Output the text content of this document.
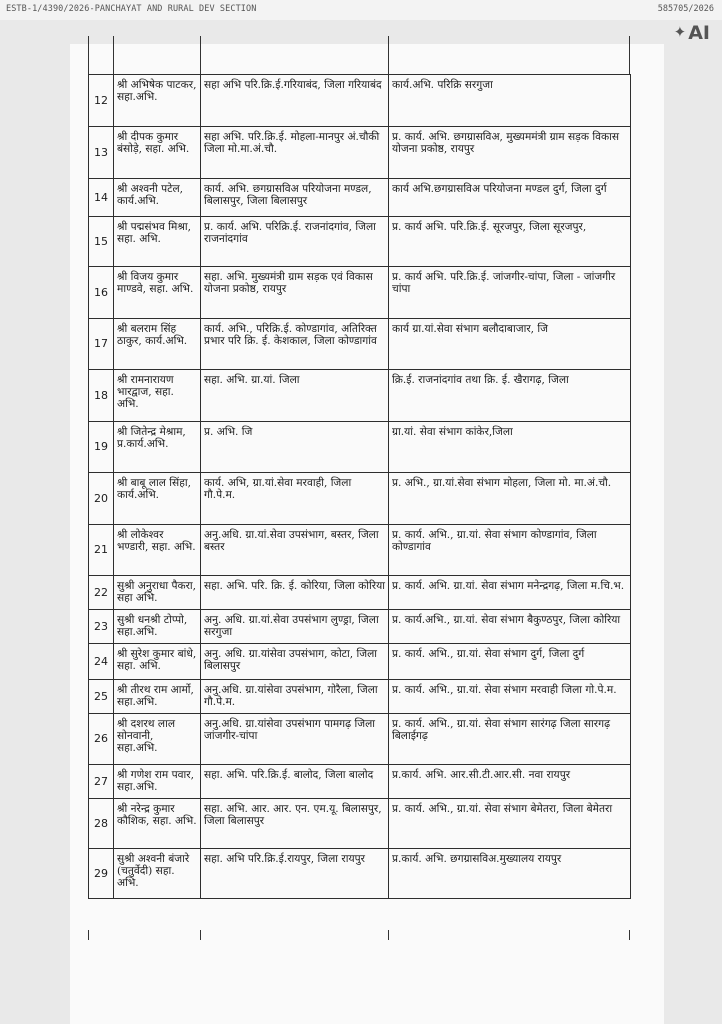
ESTB-1/4390/2026-PANCHAYAT AND RURAL DEV SECTION	585705/2026
✦ AI
12	श्री अभिषेक पाटकर, सहा.अभि.	सहा अभि परि.क्रि.ई.गरियाबंद, जिला गरियाबंद	कार्य.अभि. परिक्रि सरगुजा
13	श्री दीपक कुमार बंसोड़े, सहा. अभि.	सहा अभि. परि.क्रि.ई. मोहला-मानपुर अं.चौकी जिला मो.मा.अं.चौ.	प्र. कार्य. अभि. छगग्रासविअ, मुख्यममंत्री ग्राम सड़क विकास योजना प्रकोष्ठ, रायपुर
14	श्री अश्वनी पटेल, कार्य.अभि.	कार्य. अभि. छगग्रासविअ परियोजना मण्डल, बिलासपुर, जिला बिलासपुर	कार्य अभि.छगग्रासविअ परियोजना मण्डल दुर्ग, जिला दुर्ग
15	श्री पद्मसंभव मिश्रा, सहा. अभि.	प्र. कार्य. अभि. परिक्रि.ई. राजनांदगांव, जिला राजनांदगांव	प्र. कार्य अभि. परि.क्रि.ई. सूरजपुर, जिला सूरजपुर,
16	श्री विजय कुमार माण्डवे, सहा. अभि.	सहा. अभि. मुख्यमंत्री ग्राम सड़क एवं विकास योजना प्रकोष्ठ, रायपुर	प्र. कार्य अभि. परि.क्रि.ई. जांजगीर-चांपा, जिला - जांजगीर चांपा
17	श्री बलराम सिंह ठाकुर, कार्य.अभि.	कार्य. अभि., परिक्रि.ई. कोण्डागांव, अतिरिक्त प्रभार परि क्रि. ई. केशकाल, जिला कोण्डागांव	कार्य ग्रा.यां.सेवा संभाग बलौदाबाजार, जि
18	श्री रामनारायण भारद्वाज, सहा. अभि.	सहा. अभि. ग्रा.यां. जिला	क्रि.ई. राजनांदगांव तथा क्रि. ई. खैरागढ़, जिला
19	श्री जितेन्द्र मेश्राम, प्र.कार्य.अभि.	प्र. अभि. जि	ग्रा.यां. सेवा संभाग कांकेर,जिला
20	श्री बाबू लाल सिंहा, कार्य.अभि.	कार्य. अभि, ग्रा.यां.सेवा मरवाही, जिला गौ.पे.म.	प्र. अभि., ग्रा.यां.सेवा संभाग मोहला, जिला मो. मा.अं.चौ.
21	श्री लोकेश्वर भण्डारी, सहा. अभि.	अनु.अधि. ग्रा.यां.सेवा उपसंभाग, बस्तर, जिला बस्तर	प्र. कार्य. अभि., ग्रा.यां. सेवा संभाग कोण्डागांव, जिला कोण्डागांव
22	सुश्री अनुराधा पैकरा, सहा अभि.	सहा. अभि. परि. क्रि. ई. कोरिया, जिला कोरिया	प्र. कार्य. अभि. ग्रा.यां. सेवा संभाग मनेन्द्रगढ़, जिला म.चि.भ.
23	सुश्री धनश्री टोप्पो, सहा.अभि.	अनु. अधि. ग्रा.यां.सेवा उपसंभाग लुण्ड्रा, जिला सरगुजा	प्र. कार्य.अभि., ग्रा.यां. सेवा संभाग बैकुण्ठपुर, जिला कोरिया
24	श्री सुरेश कुमार बांधे, सहा. अभि.	अनु. अधि. ग्रा.यांसेवा उपसंभाग, कोटा, जिला बिलासपुर	प्र. कार्य. अभि., ग्रा.यां. सेवा संभाग दुर्ग, जिला दुर्ग
25	श्री तीरथ राम आर्मो, सहा.अभि.	अनु.अधि. ग्रा.यांसेवा उपसंभाग, गोरैला, जिला गौ.पे.म.	प्र. कार्य. अभि., ग्रा.यां. सेवा संभाग मरवाही जिला गो.पे.म.
26	श्री दशरथ लाल सोनवानी, सहा.अभि.	अनु.अधि. ग्रा.यांसेवा उपसंभाग पामगढ़ जिला जांजगीर-चांपा	प्र. कार्य. अभि., ग्रा.यां. सेवा संभाग सारंगढ़ जिला सारगढ़ बिलाईगढ़
27	श्री गणेश राम पवार, सहा.अभि.	सहा. अभि. परि.क्रि.ई. बालोद, जिला बालोद	प्र.कार्य. अभि. आर.सी.टी.आर.सी. नवा रायपुर
28	श्री नरेन्द्र कुमार कौशिक, सहा. अभि.	सहा. अभि. आर. आर. एन. एम.यू. बिलासपुर, जिला बिलासपुर	प्र. कार्य. अभि., ग्रा.यां. सेवा संभाग बेमेतरा, जिला बेमेतरा
29	सुश्री अश्वनी बंजारे (चतुर्वेदी) सहा. अभि.	सहा. अभि परि.क्रि.ई.रायपुर, जिला रायपुर	प्र.कार्य. अभि. छगग्रासविअ.मुख्यालय रायपुर
